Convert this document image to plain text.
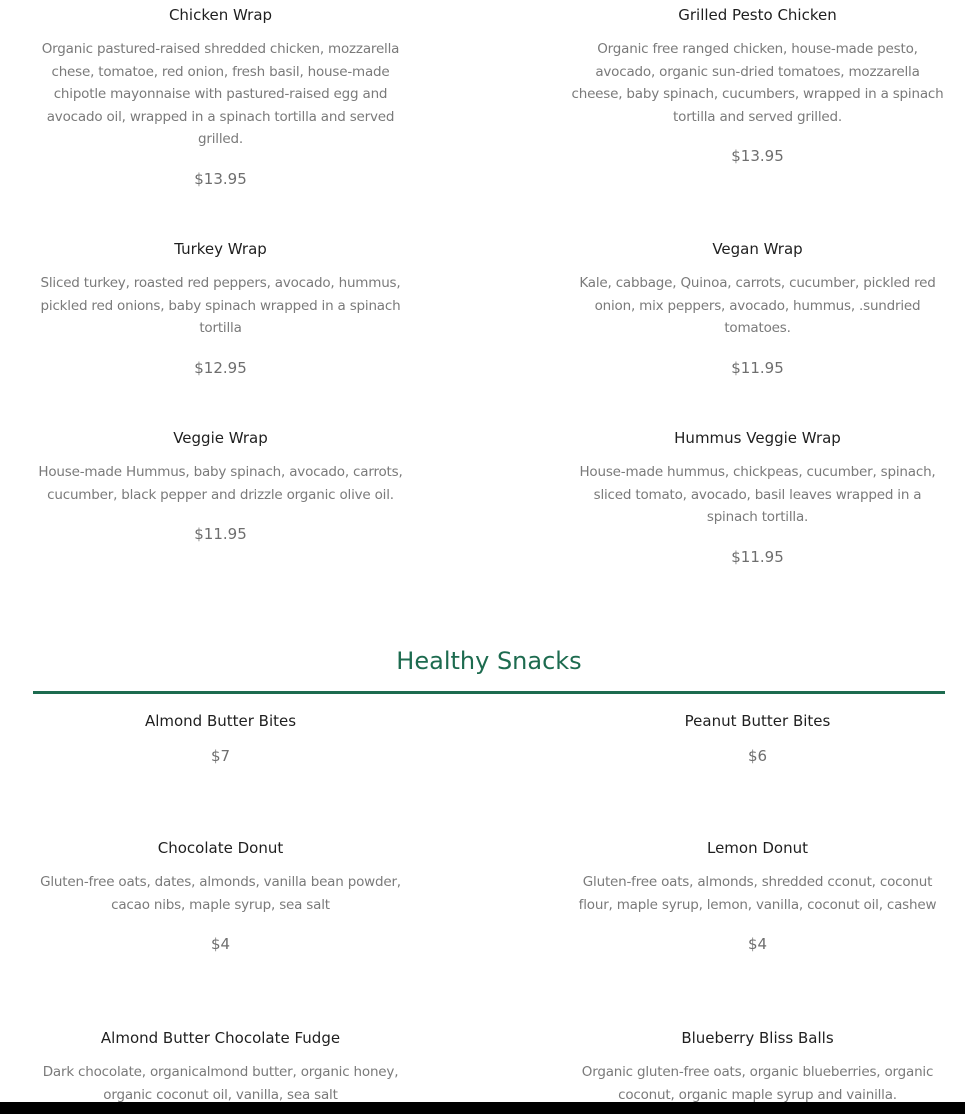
Chicken Wrap

Organic pastured-raised shredded chicken, mozzarella chese, tomatoe, red onion, fresh basil, house-made chipotle mayonnaise with pastured-raised egg and avocado oil, wrapped in a spinach tortilla and served grilled.

$13.95

Grilled Pesto Chicken

Organic free ranged chicken, house-made pesto, avocado, organic sun-dried tomatoes, mozzarella cheese, baby spinach, cucumbers, wrapped in a spinach tortilla and served grilled.

$13.95

Turkey Wrap

Sliced turkey, roasted red peppers, avocado, hummus, pickled red onions, baby spinach wrapped in a spinach tortilla

$12.95

Vegan Wrap

Kale, cabbage, Quinoa, carrots, cucumber, pickled red onion, mix peppers, avocado, hummus, .sundried tomatoes.

$11.95

Veggie Wrap

House-made Hummus, baby spinach, avocado, carrots, cucumber, black pepper and drizzle organic olive oil.

$11.95

Hummus Veggie Wrap

House-made hummus, chickpeas, cucumber, spinach, sliced tomato, avocado, basil leaves wrapped in a spinach tortilla.

$11.95

Healthy Snacks
Almond Butter Bites

$7

Peanut Butter Bites

$6

Chocolate Donut

Gluten-free oats, dates, almonds, vanilla bean powder, cacao nibs, maple syrup, sea salt

$4

Lemon Donut

Gluten-free oats, almonds, shredded cconut, coconut flour, maple syrup, lemon, vanilla, coconut oil, cashew

$4

Almond Butter Chocolate Fudge

Dark chocolate, organicalmond butter, organic honey, organic coconut oil, vanilla, sea salt

Blueberry Bliss Balls

Organic gluten-free oats, organic blueberries, organic coconut, organic maple syrup and vainilla.
